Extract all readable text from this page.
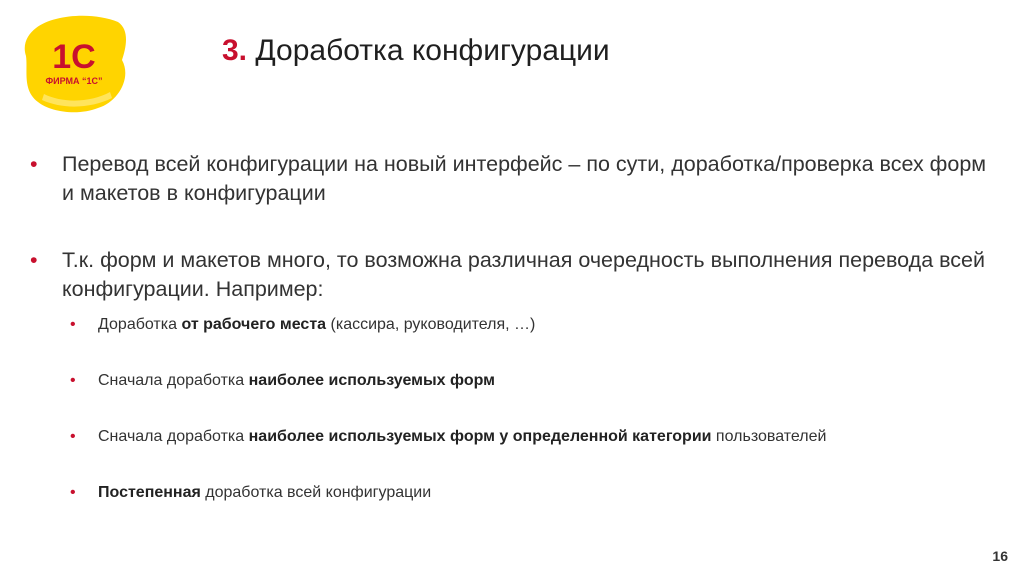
1С
ФИРМА “1С”
3. Доработка конфигурации
• Перевод всей конфигурации на новый интерфейс – по сути, доработка/проверка всех форм и макетов в конфигурации
• Т.к. форм и макетов много, то возможна различная очередность выполнения перевода всей конфигурации. Например:
• Доработка от рабочего места (кассира, руководителя, …)
• Сначала доработка наиболее используемых форм
• Сначала доработка наиболее используемых форм у определенной категории пользователей
• Постепенная доработка всей конфигурации
16
